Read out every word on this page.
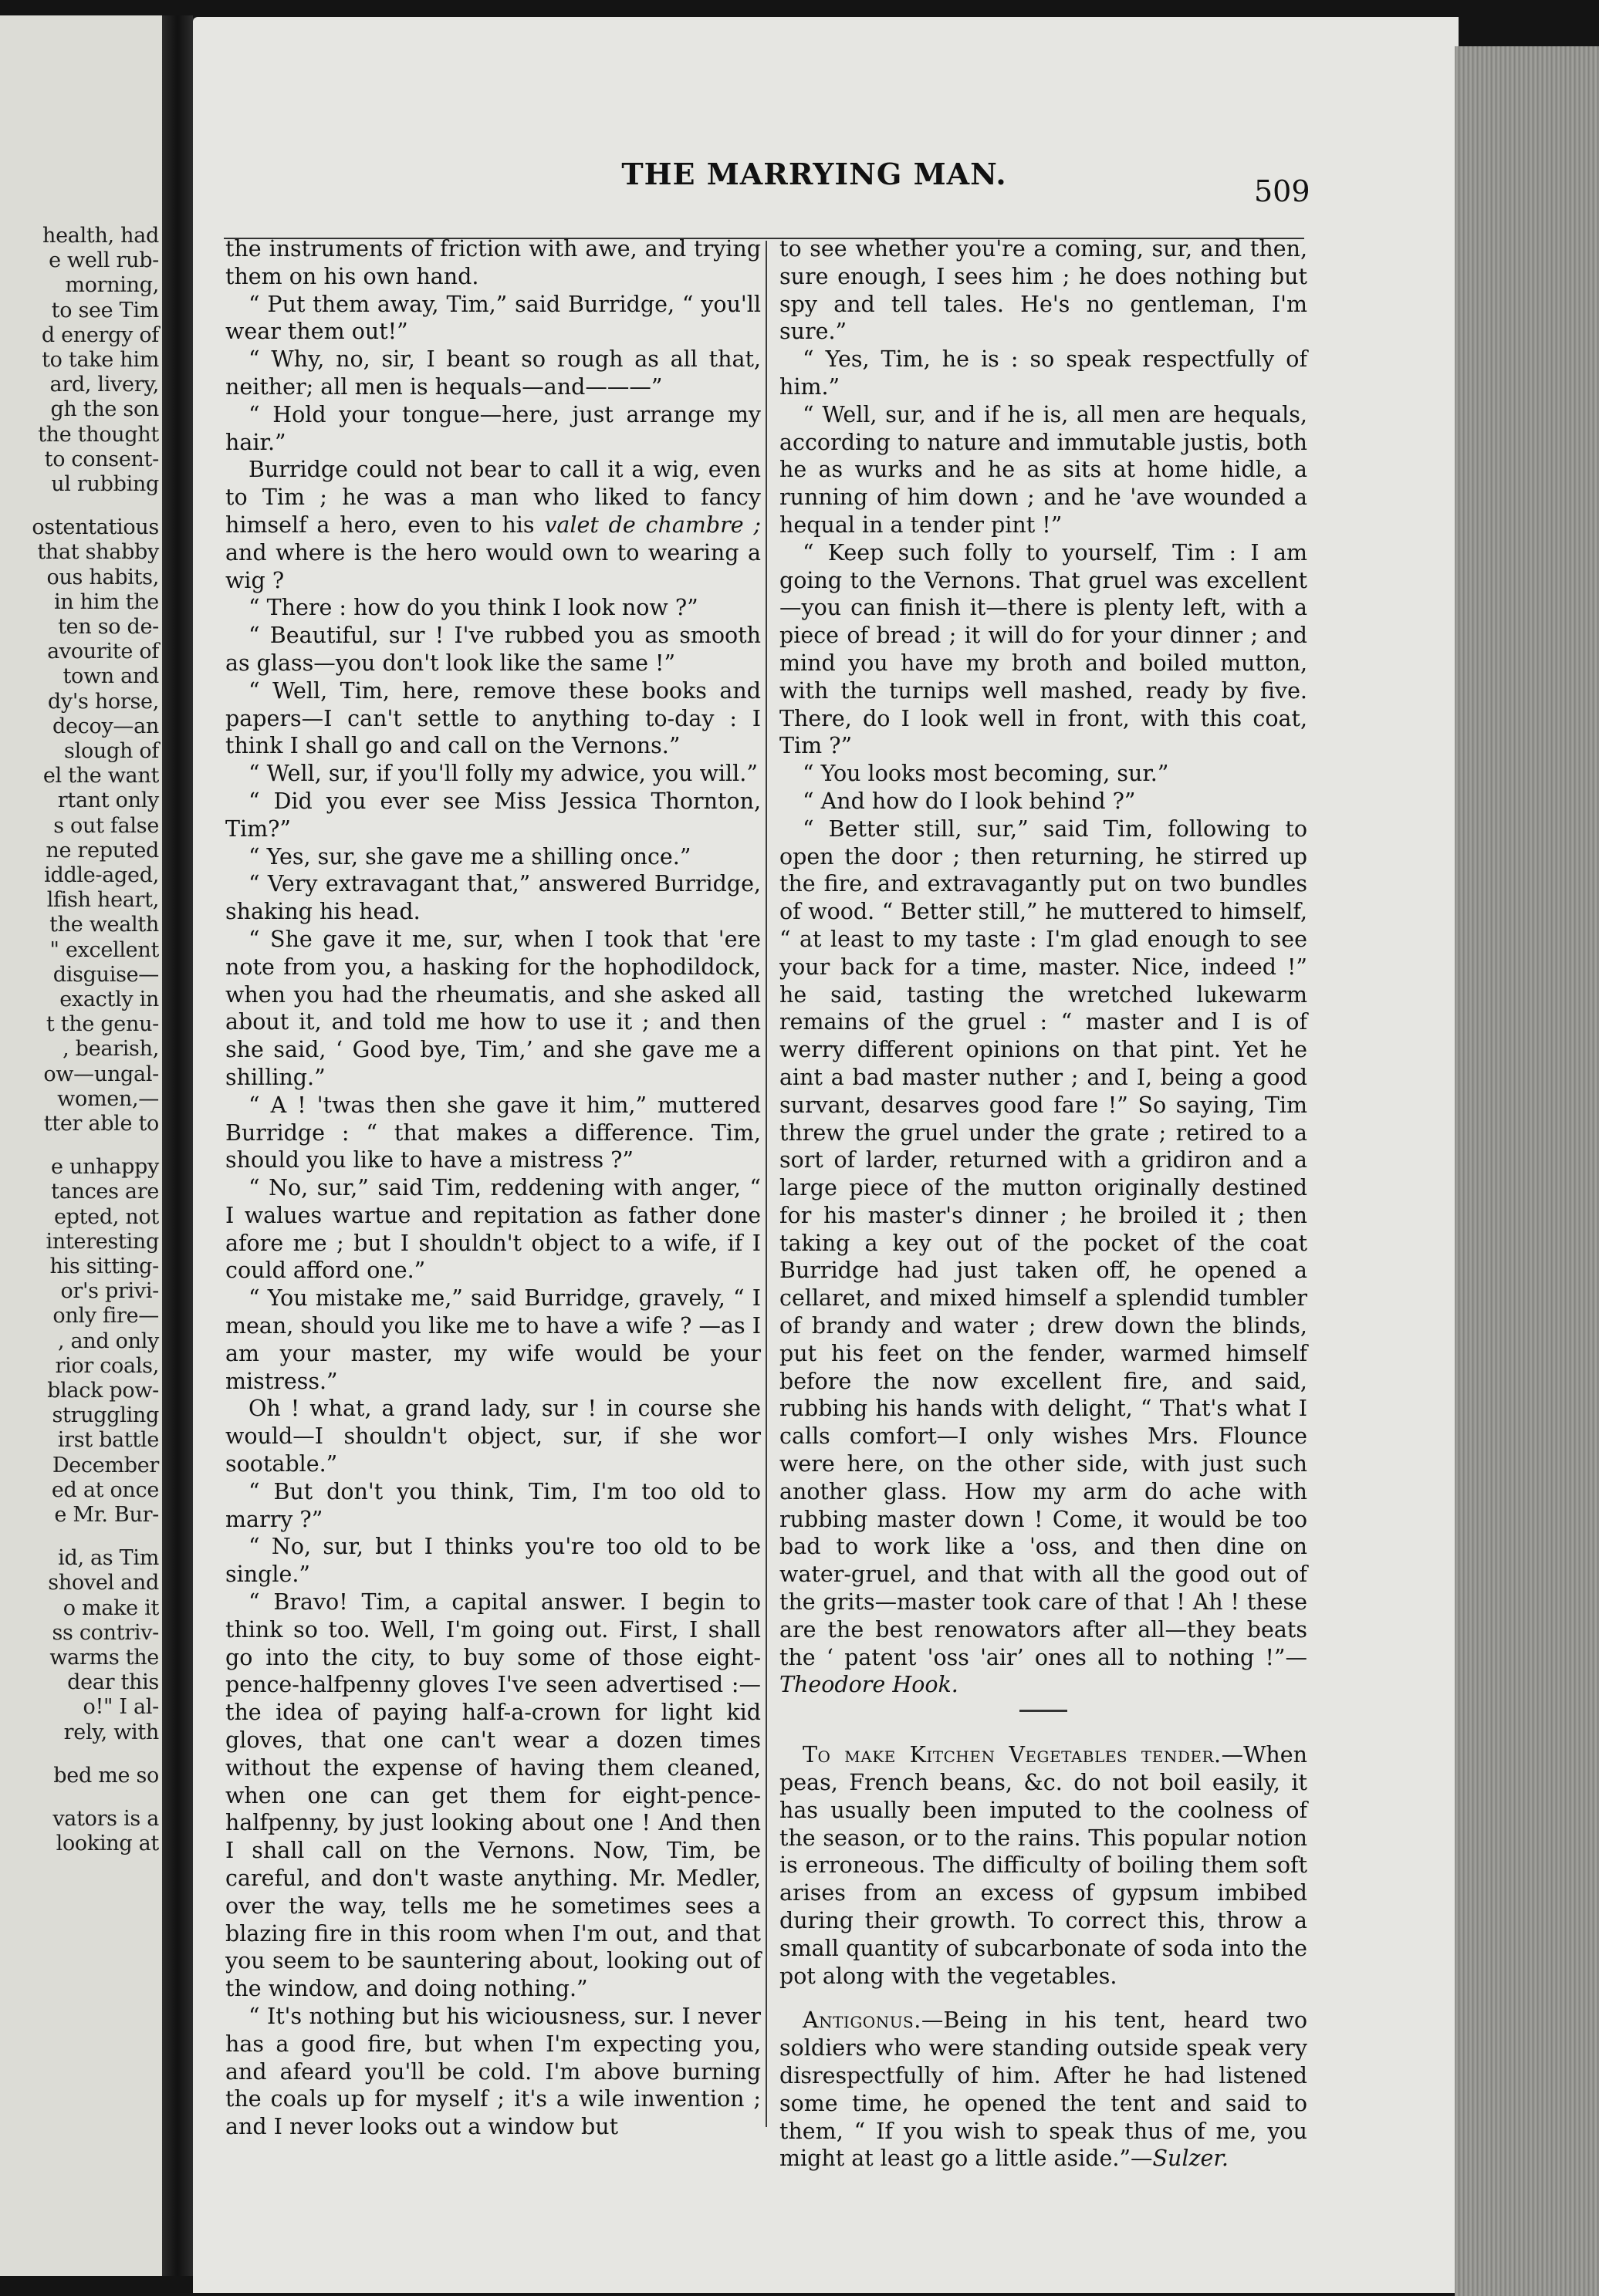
health, had
e well rub-
morning,
to see Tim
d energy of
to take him
ard, livery,
gh the son
the thought
to consent-
ul rubbing
ostentatious
that shabby
ous habits,
in him the
ten so de-
avourite of
town and
dy's horse,
decoy—an
slough of
el the want
rtant only
s out false
ne reputed
iddle-aged,
lfish heart,
the wealth
" excellent
disguise—
exactly in
t the genu-
, bearish,
ow—ungal-
women,—
tter able to
e unhappy
tances are
epted, not
interesting
his sitting-
or's privi-
only fire—
, and only
rior coals,
black pow-
struggling
irst battle
December
ed at once
e Mr. Bur-
id, as Tim
shovel and
o make it
ss contriv-
warms the
dear this
o!" I al-
rely, with
bed me so
vators is a
looking at
THE MARRYING MAN.	509

the instruments of friction with awe, and trying them on his own hand.

“ Put them away, Tim,” said Burridge, “ you'll wear them out!”

“ Why, no, sir, I beant so rough as all that, neither; all men is hequals—and———”

“ Hold your tongue—here, just arrange my hair.”

Burridge could not bear to call it a wig, even to Tim ; he was a man who liked to fancy himself a hero, even to his valet de chambre ; and where is the hero would own to wearing a wig ?

“ There : how do you think I look now ?”

“ Beautiful, sur ! I've rubbed you as smooth as glass—you don't look like the same !”

“ Well, Tim, here, remove these books and papers—I can't settle to anything to-day : I think I shall go and call on the Vernons.”

“ Well, sur, if you'll folly my adwice, you will.”

“ Did you ever see Miss Jessica Thornton, Tim?”

“ Yes, sur, she gave me a shilling once.”

“ Very extravagant that,” answered Burridge, shaking his head.

“ She gave it me, sur, when I took that 'ere note from you, a hasking for the hophodildock, when you had the rheumatis, and she asked all about it, and told me how to use it ; and then she said, ‘ Good bye, Tim,’ and she gave me a shilling.”

“ A ! 'twas then she gave it him,” muttered Burridge : “ that makes a difference. Tim, should you like to have a mistress ?”

“ No, sur,” said Tim, reddening with anger, “ I walues wartue and repitation as father done afore me ; but I shouldn't object to a wife, if I could afford one.”

“ You mistake me,” said Burridge, gravely, “ I mean, should you like me to have a wife ? —as I am your master, my wife would be your mistress.”

Oh ! what, a grand lady, sur ! in course she would—I shouldn't object, sur, if she wor sootable.”

“ But don't you think, Tim, I'm too old to marry ?”

“ No, sur, but I thinks you're too old to be single.”

“ Bravo! Tim, a capital answer. I begin to think so too. Well, I'm going out. First, I shall go into the city, to buy some of those eight-pence-halfpenny gloves I've seen advertised :—the idea of paying half-a-crown for light kid gloves, that one can't wear a dozen times without the expense of having them cleaned, when one can get them for eight-pence-halfpenny, by just looking about one ! And then I shall call on the Vernons. Now, Tim, be careful, and don't waste anything. Mr. Medler, over the way, tells me he sometimes sees a blazing fire in this room when I'm out, and that you seem to be sauntering about, looking out of the window, and doing nothing.”

“ It's nothing but his wiciousness, sur. I never has a good fire, but when I'm expecting you, and afeard you'll be cold. I'm above burning the coals up for myself ; it's a wile inwention ; and I never looks out a window but

to see whether you're a coming, sur, and then, sure enough, I sees him ; he does nothing but spy and tell tales. He's no gentleman, I'm sure.”

“ Yes, Tim, he is : so speak respectfully of him.”

“ Well, sur, and if he is, all men are hequals, according to nature and immutable justis, both he as wurks and he as sits at home hidle, a running of him down ; and he 'ave wounded a hequal in a tender pint !”

“ Keep such folly to yourself, Tim : I am going to the Vernons. That gruel was excellent—you can finish it—there is plenty left, with a piece of bread ; it will do for your dinner ; and mind you have my broth and boiled mutton, with the turnips well mashed, ready by five. There, do I look well in front, with this coat, Tim ?”

“ You looks most becoming, sur.”

“ And how do I look behind ?”

“ Better still, sur,” said Tim, following to open the door ; then returning, he stirred up the fire, and extravagantly put on two bundles of wood. “ Better still,” he muttered to himself, “ at least to my taste : I'm glad enough to see your back for a time, master. Nice, indeed !” he said, tasting the wretched lukewarm remains of the gruel : “ master and I is of werry different opinions on that pint. Yet he aint a bad master nuther ; and I, being a good survant, desarves good fare !” So saying, Tim threw the gruel under the grate ; retired to a sort of larder, returned with a gridiron and a large piece of the mutton originally destined for his master's dinner ; he broiled it ; then taking a key out of the pocket of the coat Burridge had just taken off, he opened a cellaret, and mixed himself a splendid tumbler of brandy and water ; drew down the blinds, put his feet on the fender, warmed himself before the now excellent fire, and said, rubbing his hands with delight, “ That's what I calls comfort—I only wishes Mrs. Flounce were here, on the other side, with just such another glass. How my arm do ache with rubbing master down ! Come, it would be too bad to work like a 'oss, and then dine on water-gruel, and that with all the good out of the grits—master took care of that ! Ah ! these are the best renowators after all—they beats the ‘ patent 'oss 'air’ ones all to nothing !”—Theodore Hook.

To make Kitchen Vegetables tender.—When peas, French beans, &c. do not boil easily, it has usually been imputed to the coolness of the season, or to the rains. This popular notion is erroneous. The difficulty of boiling them soft arises from an excess of gypsum imbibed during their growth. To correct this, throw a small quantity of subcarbonate of soda into the pot along with the vegetables.

Antigonus.—Being in his tent, heard two soldiers who were standing outside speak very disrespectfully of him. After he had listened some time, he opened the tent and said to them, “ If you wish to speak thus of me, you might at least go a little aside.”—Sulzer.
